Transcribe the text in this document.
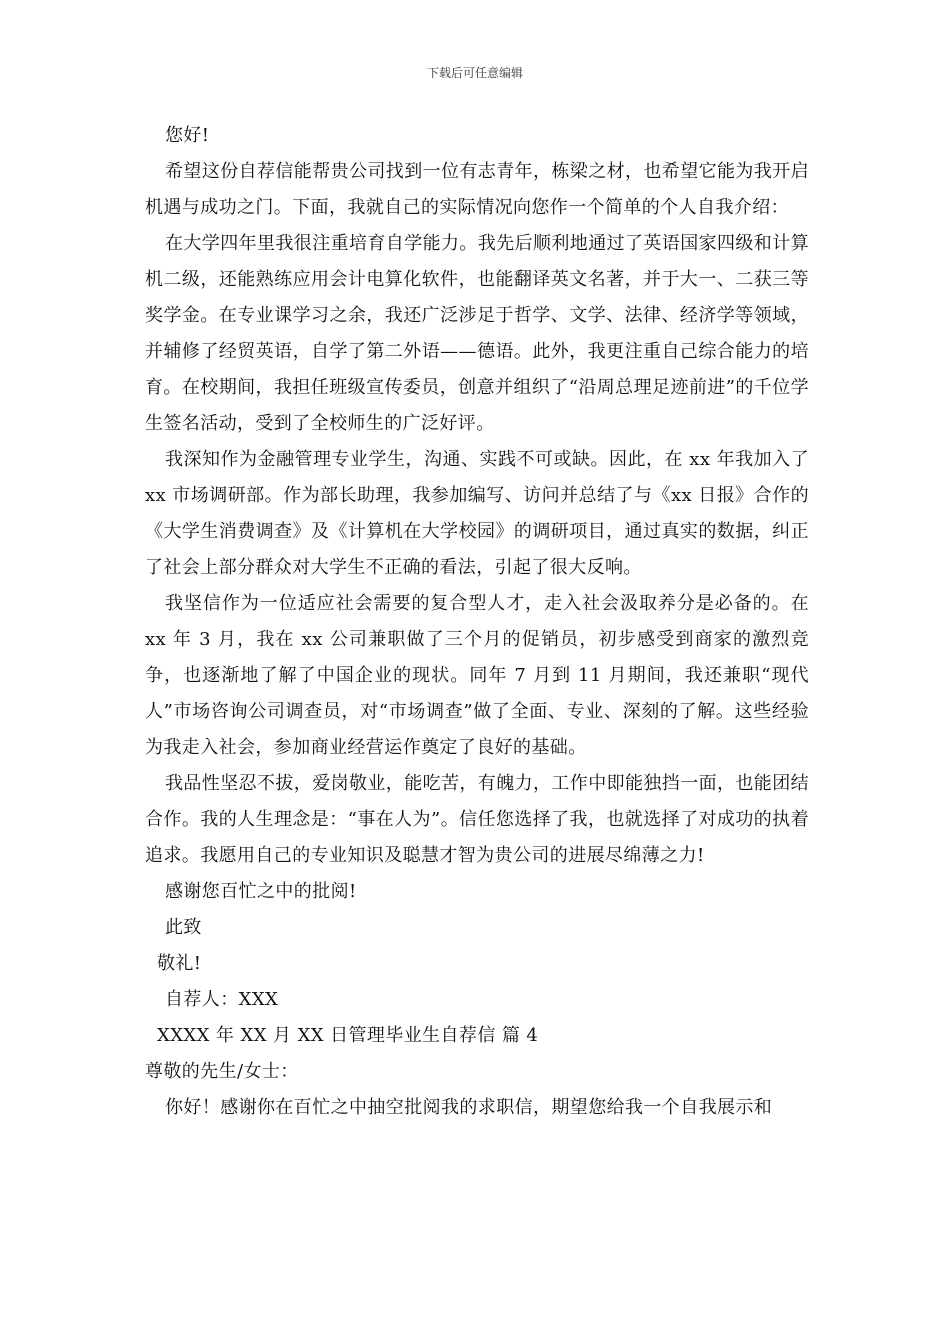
下载后可任意编辑

您好!

希望这份自荐信能帮贵公司找到一位有志青年，栋梁之材，也希望它能为我开启机遇与成功之门。下面，我就自己的实际情况向您作一个简单的个人自我介绍：

在大学四年里我很注重培育自学能力。我先后顺利地通过了英语国家四级和计算机二级，还能熟练应用会计电算化软件，也能翻译英文名著，并于大一、二获三等奖学金。在专业课学习之余，我还广泛涉足于哲学、文学、法律、经济学等领域，并辅修了经贸英语，自学了第二外语——德语。此外，我更注重自己综合能力的培育。在校期间，我担任班级宣传委员，创意并组织了“沿周总理足迹前进”的千位学生签名活动，受到了全校师生的广泛好评。

我深知作为金融管理专业学生，沟通、实践不可或缺。因此，在 xx 年我加入了 xx 市场调研部。作为部长助理，我参加编写、访问并总结了与《xx 日报》合作的《大学生消费调查》及《计算机在大学校园》的调研项目，通过真实的数据，纠正了社会上部分群众对大学生不正确的看法，引起了很大反响。

我坚信作为一位适应社会需要的复合型人才，走入社会汲取养分是必备的。在 xx 年 3 月，我在 xx 公司兼职做了三个月的促销员，初步感受到商家的激烈竞争，也逐渐地了解了中国企业的现状。同年 7 月到 11 月期间，我还兼职“现代人”市场咨询公司调查员，对“市场调查”做了全面、专业、深刻的了解。这些经验为我走入社会，参加商业经营运作奠定了良好的基础。

我品性坚忍不拔，爱岗敬业，能吃苦，有魄力，工作中即能独挡一面，也能团结合作。我的人生理念是：“事在人为”。信任您选择了我，也就选择了对成功的执着追求。我愿用自己的专业知识及聪慧才智为贵公司的进展尽绵薄之力!

感谢您百忙之中的批阅!

此致

敬礼!

自荐人：XXX

XXXX 年 XX 月 XX 日管理毕业生自荐信 篇 4

尊敬的先生/女士：

你好！感谢你在百忙之中抽空批阅我的求职信，期望您给我一个自我展示和
